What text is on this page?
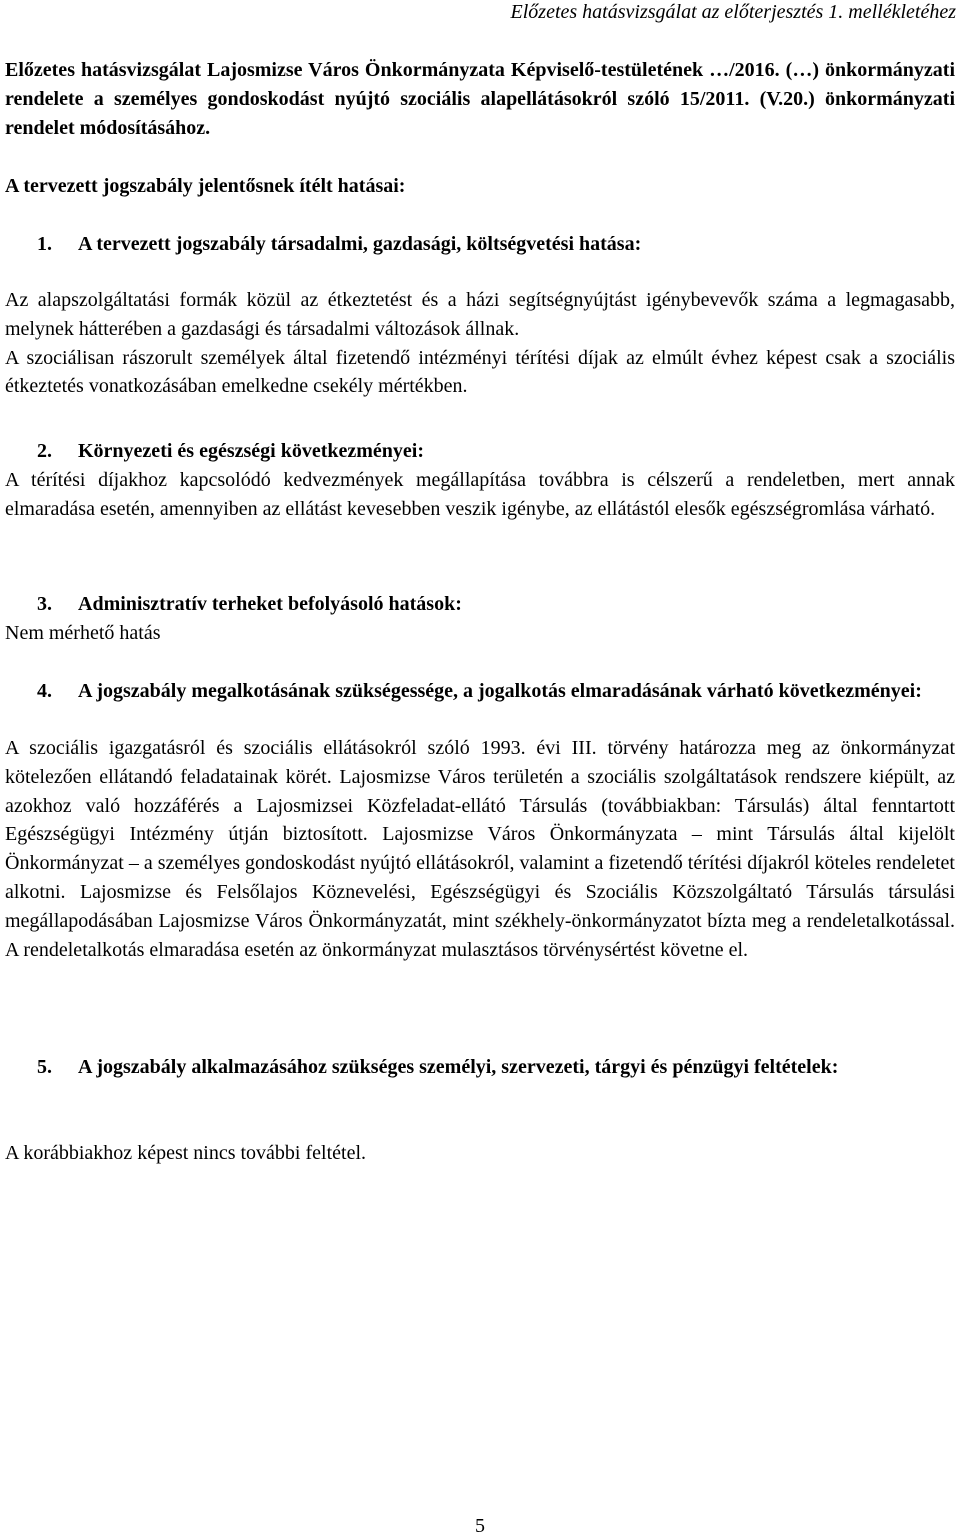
Előzetes hatásvizsgálat az előterjesztés 1. mellékletéhez
Előzetes hatásvizsgálat Lajosmizse Város Önkormányzata Képviselő-testületének …/2016. (…) önkormányzati rendelete a személyes gondoskodást nyújtó szociális alapellátásokról szóló 15/2011. (V.20.) önkormányzati rendelet módosításához.
A tervezett jogszabály jelentősnek ítélt hatásai:
1. A tervezett jogszabály társadalmi, gazdasági, költségvetési hatása:

Az alapszolgáltatási formák közül az étkeztetést és a házi segítségnyújtást igénybevevők száma a legmagasabb, melynek hátterében a gazdasági és társadalmi változások állnak.

A szociálisan rászorult személyek által fizetendő intézményi térítési díjak az elmúlt évhez képest csak a szociális étkeztetés vonatkozásában emelkedne csekély mértékben.

2. Környezeti és egészségi következményei:

A térítési díjakhoz kapcsolódó kedvezmények megállapítása továbbra is célszerű a rendeletben, mert annak elmaradása esetén, amennyiben az ellátást kevesebben veszik igénybe, az ellátástól elesők egészségromlása várható.

3. Adminisztratív terheket befolyásoló hatások:

Nem mérhető hatás

4. A jogszabály megalkotásának szükségessége, a jogalkotás elmaradásának várható következményei:

A szociális igazgatásról és szociális ellátásokról szóló 1993. évi III. törvény határozza meg az önkormányzat kötelezően ellátandó feladatainak körét. Lajosmizse Város területén a szociális szolgáltatások rendszere kiépült, az azokhoz való hozzáférés a Lajosmizsei Közfeladat-ellátó Társulás (továbbiakban: Társulás) által fenntartott Egészségügyi Intézmény útján biztosított. Lajosmizse Város Önkormányzata – mint Társulás által kijelölt Önkormányzat – a személyes gondoskodást nyújtó ellátásokról, valamint a fizetendő térítési díjakról köteles rendeletet alkotni. Lajosmizse és Felsőlajos Köznevelési, Egészségügyi és Szociális Közszolgáltató Társulás társulási megállapodásában Lajosmizse Város Önkormányzatát, mint székhely-önkormányzatot bízta meg a rendeletalkotással. A rendeletalkotás elmaradása esetén az önkormányzat mulasztásos törvénysértést követne el.

5. A jogszabály alkalmazásához szükséges személyi, szervezeti, tárgyi és pénzügyi feltételek:

A korábbiakhoz képest nincs további feltétel.

5
